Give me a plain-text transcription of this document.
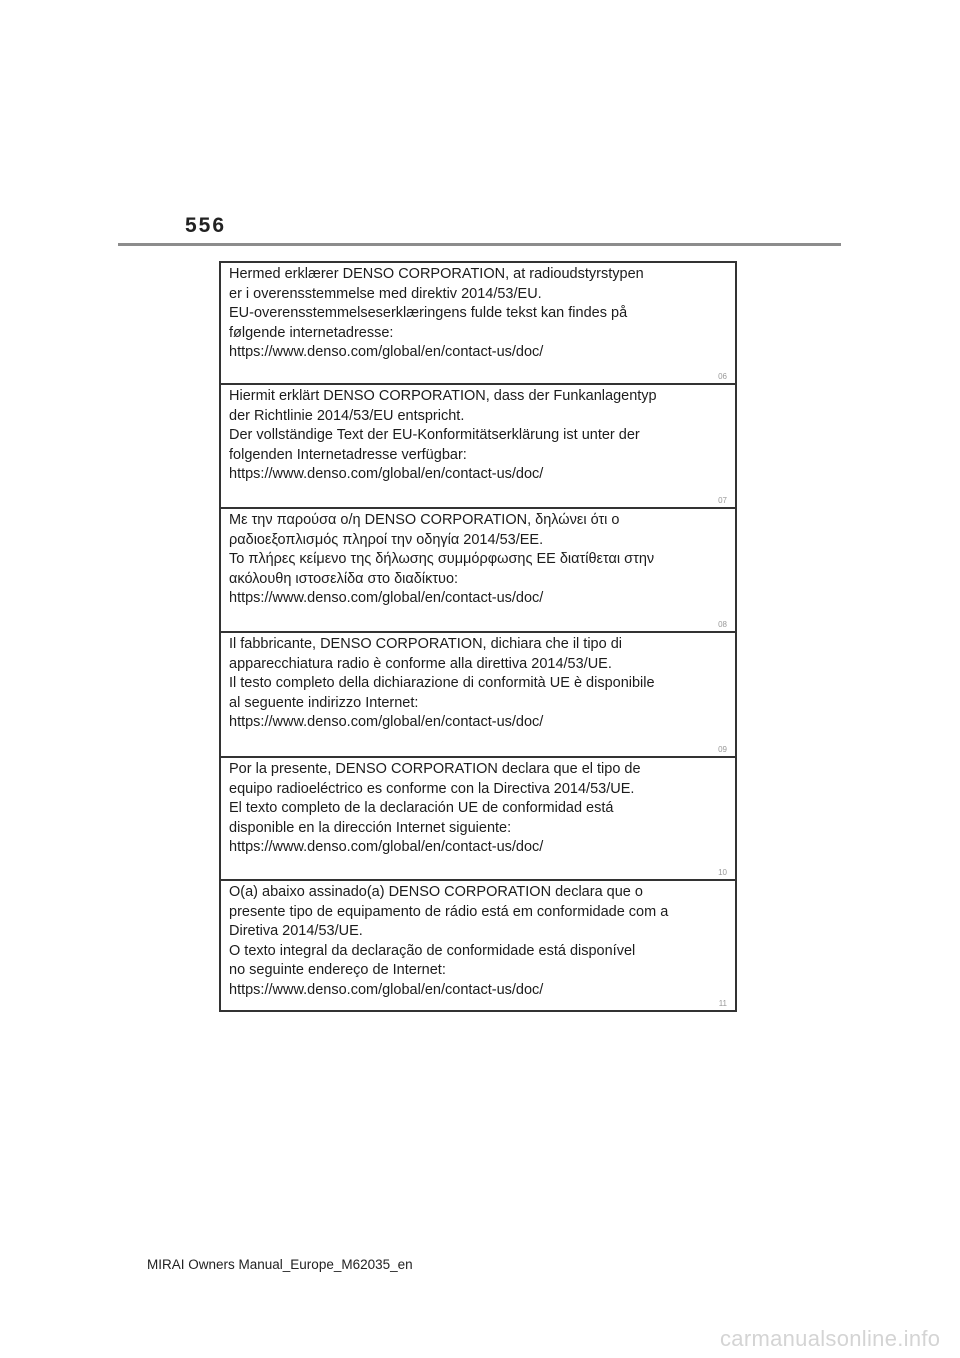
556
Hermed erklærer DENSO CORPORATION, at radioudstyrstypen
er i overensstemmelse med direktiv 2014/53/EU.
EU-overensstemmelseserklæringens fulde tekst kan findes på
følgende internetadresse:
https://www.denso.com/global/en/contact-us/doc/
06
Hiermit erklärt DENSO CORPORATION, dass der Funkanlagentyp
der Richtlinie 2014/53/EU entspricht.
Der vollständige Text der EU-Konformitätserklärung ist unter der
folgenden Internetadresse verfügbar:
https://www.denso.com/global/en/contact-us/doc/
07
Με την παρούσα ο/η DENSO CORPORATION, δηλώνει ότι ο
ραδιοεξοπλισμός πληροί την οδηγία 2014/53/ΕΕ.
Το πλήρες κείμενο της δήλωσης συμμόρφωσης ΕΕ διατίθεται στην
ακόλουθη ιστοσελίδα στο διαδίκτυο:
https://www.denso.com/global/en/contact-us/doc/
08
Il fabbricante, DENSO CORPORATION, dichiara che il tipo di
apparecchiatura radio è conforme alla direttiva 2014/53/UE.
Il testo completo della dichiarazione di conformità UE è disponibile
al seguente indirizzo Internet:
https://www.denso.com/global/en/contact-us/doc/
09
Por la presente, DENSO CORPORATION declara que el tipo de
equipo radioeléctrico es conforme con la Directiva 2014/53/UE.
El texto completo de la declaración UE de conformidad está
disponible en la dirección Internet siguiente:
https://www.denso.com/global/en/contact-us/doc/
10
O(a) abaixo assinado(a) DENSO CORPORATION declara que o
presente tipo de equipamento de rádio está em conformidade com a
Diretiva 2014/53/UE.
O texto integral da declaração de conformidade está disponível
no seguinte endereço de Internet:
https://www.denso.com/global/en/contact-us/doc/
11
MIRAI Owners Manual_Europe_M62035_en
carmanualsonline.info
